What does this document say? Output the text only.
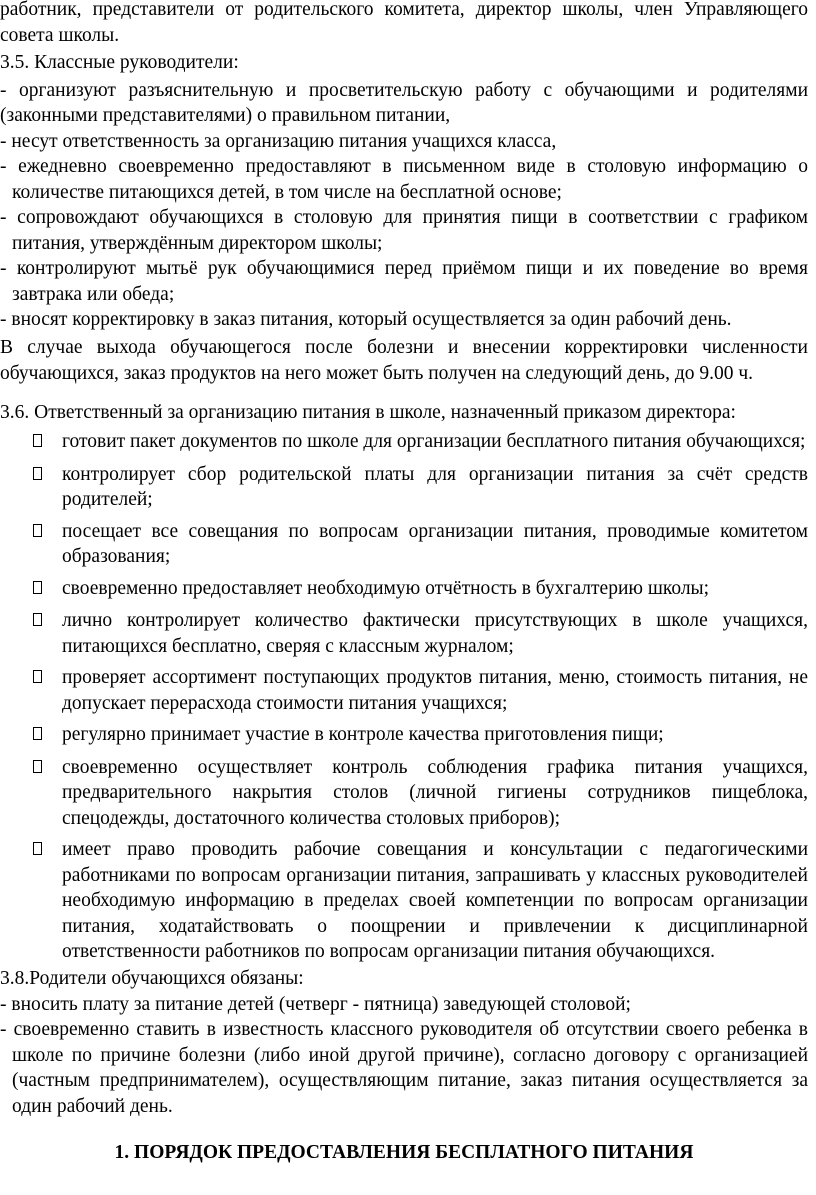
работник, представители от родительского комитета, директор школы, член Управляющего совета школы.

3.5. Классные руководители:

- организуют разъяснительную и просветительскую работу с обучающими и родителями (законными представителями) о правильном питании,

- несут ответственность за организацию питания учащихся класса,

- ежедневно своевременно предоставляют в письменном виде в столовую информацию о количестве питающихся детей, в том числе на бесплатной основе;

- сопровождают обучающихся в столовую для принятия пищи в соответствии с графиком питания, утверждённым директором школы;

- контролируют мытьё рук обучающимися перед приёмом пищи и их поведение во время завтрака или обеда;

- вносят корректировку в заказ питания, который осуществляется за один рабочий день.

В случае выхода обучающегося после болезни и внесении корректировки численности обучающихся, заказ продуктов на него может быть получен на следующий день, до 9.00 ч.

3.6. Ответственный за организацию питания в школе, назначенный приказом директора:

готовит пакет документов по школе для организации бесплатного питания обучающихся;
контролирует сбор родительской платы для организации питания за счёт средств родителей;
посещает все совещания по вопросам организации питания, проводимые комитетом образования;
своевременно предоставляет необходимую отчётность в бухгалтерию школы;
лично контролирует количество фактически присутствующих в школе учащихся, питающихся бесплатно, сверяя с классным журналом;
проверяет ассортимент поступающих продуктов питания, меню, стоимость питания, не допускает перерасхода стоимости питания учащихся;
регулярно принимает участие в контроле качества приготовления пищи;
своевременно осуществляет контроль соблюдения графика питания учащихся, предварительного накрытия столов (личной гигиены сотрудников пищеблока, спецодежды, достаточного количества столовых приборов);
имеет право проводить рабочие совещания и консультации с педагогическими работниками по вопросам организации питания, запрашивать у классных руководителей необходимую информацию в пределах своей компетенции по вопросам организации питания, ходатайствовать о поощрении и привлечении к дисциплинарной ответственности работников по вопросам организации питания обучающихся.

3.8.Родители обучающихся обязаны:

- вносить плату за питание детей (четверг - пятница) заведующей столовой;

- своевременно ставить в известность классного руководителя об отсутствии своего ребенка в школе по причине болезни (либо иной другой причине), согласно договору с организацией (частным предпринимателем), осуществляющим питание, заказ питания осуществляется за один рабочий день.

1. ПОРЯДОК ПРЕДОСТАВЛЕНИЯ БЕСПЛАТНОГО ПИТАНИЯ
